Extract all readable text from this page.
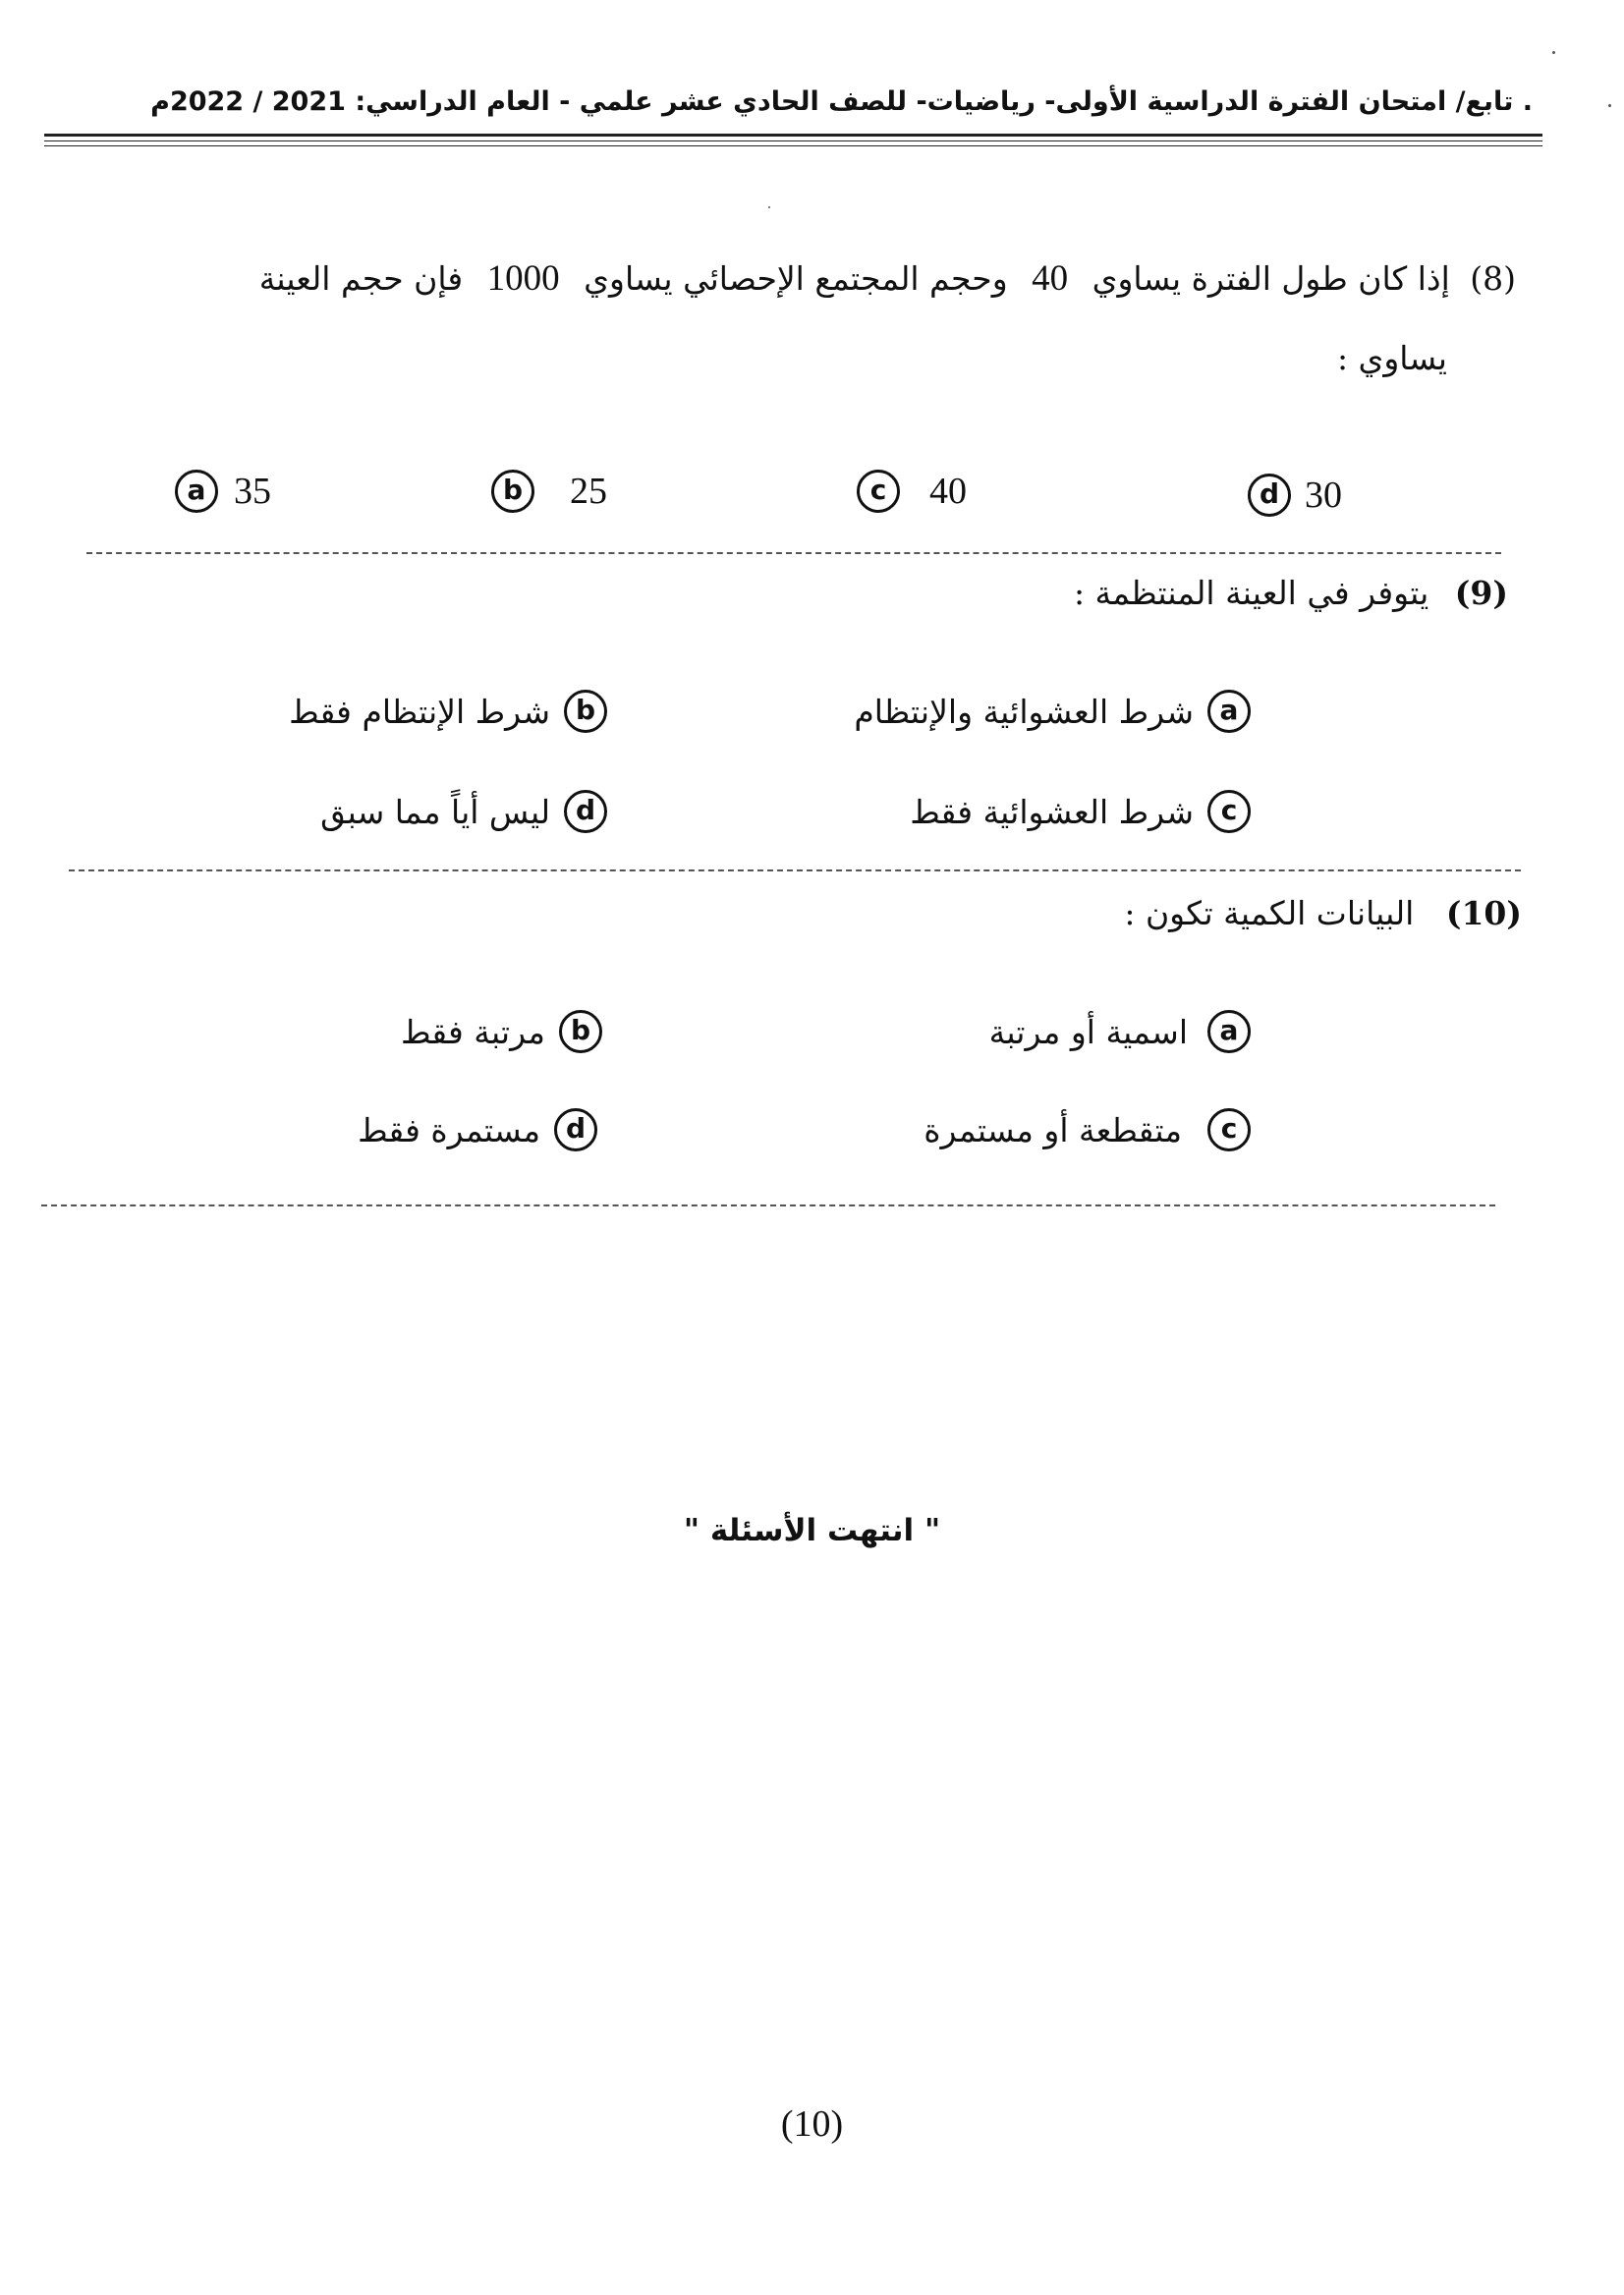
. تابع/ امتحان الفترة الدراسية الأولى- رياضيات- للصف الحادي عشر علمي - العام الدراسي: 2021 / 2022م
(8) إذا كان طول الفترة يساوي 40 وحجم المجتمع الإحصائي يساوي 1000 فإن حجم العينة
يساوي :
a 35	b	25	c	40	d 30
(9) يتوفر في العينة المنتظمة :
a
شرط العشوائية والإنتظام
b
شرط الإنتظام فقط
c
شرط العشوائية فقط
d
ليس أياً مما سبق
(10) البيانات الكمية تكون :
a
اسمية أو مرتبة
b
مرتبة فقط
c
متقطعة أو مستمرة
d
مستمرة فقط
" انتهت الأسئلة "
(10)
